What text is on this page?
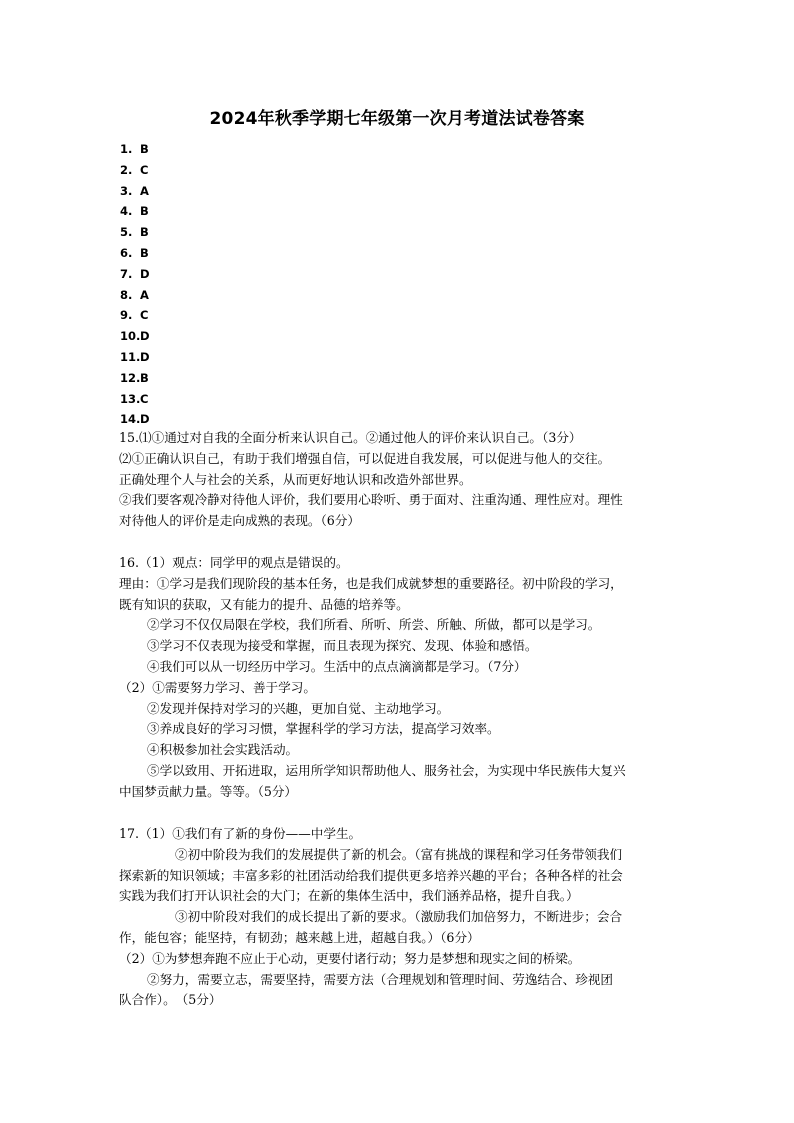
2024年秋季学期七年级第一次月考道法试卷答案
1. B
2. C
3. A
4. B
5. B
6. B
7. D
8. A
9. C
10.D
11.D
12.B
13.C
14.D
15.⑴①通过对自我的全面分析来认识自己。②通过他人的评价来认识自己。（3分）
⑵①正确认识自己，有助于我们增强自信，可以促进自我发展，可以促进与他人的交往。
正确处理个人与社会的关系，从而更好地认识和改造外部世界。
②我们要客观冷静对待他人评价，我们要用心聆听、勇于面对、注重沟通、理性应对。理性
对待他人的评价是走向成熟的表现。（6分）
16.（1）观点：同学甲的观点是错误的。
理由：①学习是我们现阶段的基本任务，也是我们成就梦想的重要路径。初中阶段的学习，
既有知识的获取，又有能力的提升、品德的培养等。
②学习不仅仅局限在学校，我们所看、所听、所尝、所触、所做，都可以是学习。
③学习不仅表现为接受和掌握，而且表现为探究、发现、体验和感悟。
④我们可以从一切经历中学习。生活中的点点滴滴都是学习。（7分）
（2）①需要努力学习、善于学习。
②发现并保持对学习的兴趣，更加自觉、主动地学习。
③养成良好的学习习惯，掌握科学的学习方法，提高学习效率。
④积极参加社会实践活动。
⑤学以致用、开拓进取，运用所学知识帮助他人、服务社会，为实现中华民族伟大复兴
中国梦贡献力量。等等。（5分）
17.（1）①我们有了新的身份——中学生。
②初中阶段为我们的发展提供了新的机会。（富有挑战的课程和学习任务带领我们
探索新的知识领域；丰富多彩的社团活动给我们提供更多培养兴趣的平台；各种各样的社会
实践为我们打开认识社会的大门；在新的集体生活中，我们涵养品格，提升自我。）
③初中阶段对我们的成长提出了新的要求。（激励我们加倍努力，不断进步；会合
作，能包容；能坚持，有韧劲；越来越上进，超越自我。）（6分）
（2）①为梦想奔跑不应止于心动，更要付诸行动；努力是梦想和现实之间的桥梁。
②努力，需要立志，需要坚持，需要方法（合理规划和管理时间、劳逸结合、珍视团
队合作）。　（5分）
